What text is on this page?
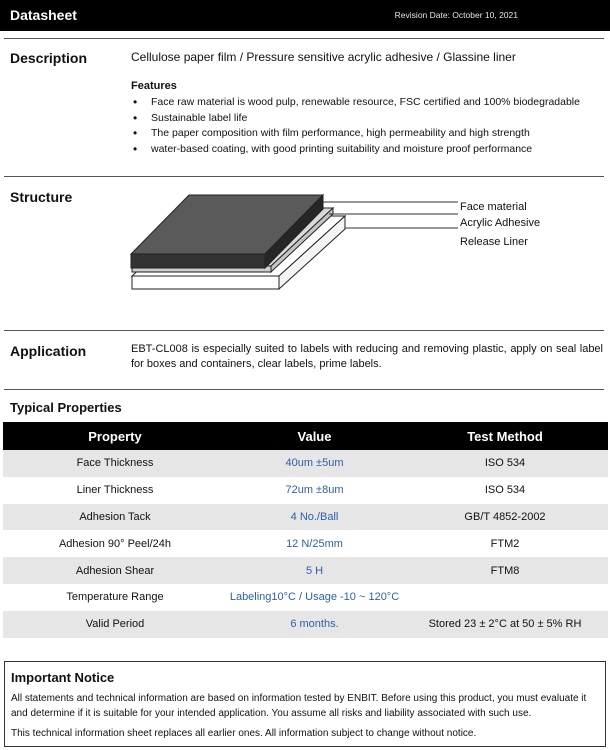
Datasheet	Revision Date: October 10, 2021
Description	Cellulose paper film / Pressure sensitive acrylic adhesive / Glassine liner
Features
• Face raw material is wood pulp, renewable resource, FSC certified and 100% biodegradable
• Sustainable label life
• The paper composition with film performance, high permeability and high strength
• water-based coating, with good printing suitability and moisture proof performance
Structure
Face material
Acrylic Adhesive
Release Liner
Application	EBT-CL008 is especially suited to labels with reducing and removing plastic, apply on seal label for boxes and containers, clear labels, prime labels.
Typical Properties
Property	Value	Test Method
Face Thickness	40um ±5um	ISO 534
Liner Thickness	72um ±8um	ISO 534
Adhesion Tack	4 No./Ball	GB/T 4852-2002
Adhesion 90° Peel/24h	12 N/25mm	FTM2
Adhesion Shear	5 H	FTM8
Temperature Range	Labeling10°C / Usage -10 ~ 120°C	
Valid Period	6 months.	Stored 23 ± 2°C at 50 ± 5% RH
Important Notice
All statements and technical information are based on information tested by ENBIT. Before using this product, you must evaluate it and determine if it is suitable for your intended application. You assume all risks and liability associated with such use.
This technical information sheet replaces all earlier ones. All information subject to change without notice.
